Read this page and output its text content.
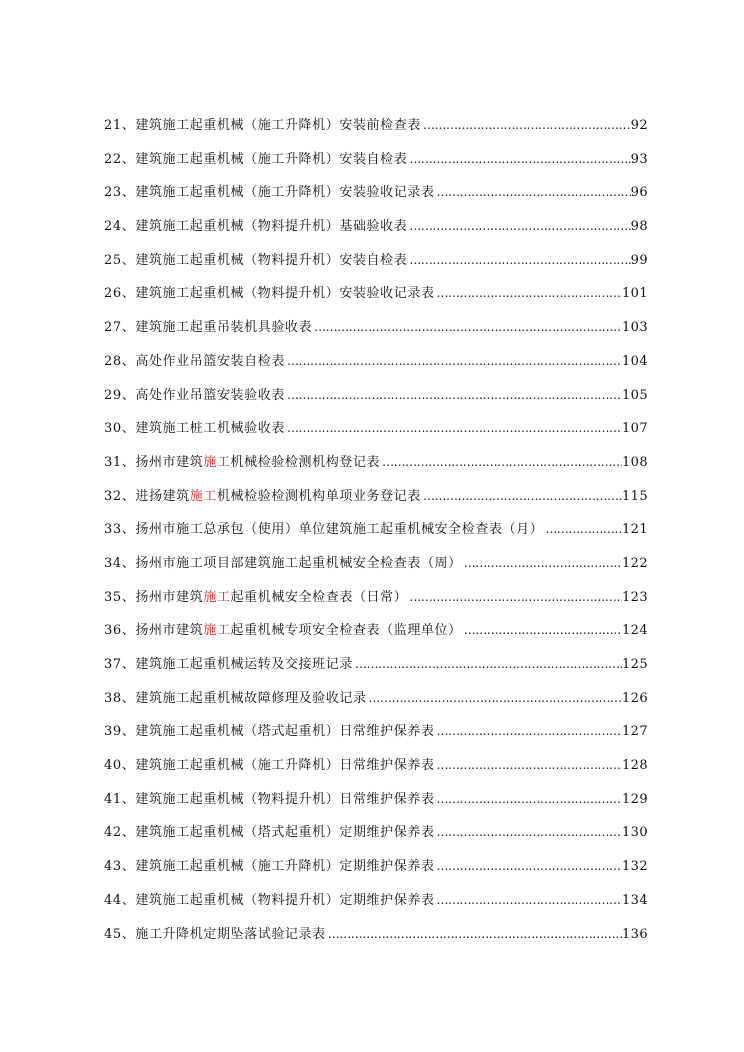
21、建筑施工起重机械（施工升降机）安装前检查表 …………………………………………………………………………………………………………………………………………………………………………	92
22、建筑施工起重机械（施工升降机）安装自检表 …………………………………………………………………………………………………………………………………………………………………………	93
23、建筑施工起重机械（施工升降机）安装验收记录表 …………………………………………………………………………………………………………………………………………………………………………	96
24、建筑施工起重机械（物料提升机）基础验收表 …………………………………………………………………………………………………………………………………………………………………………	98
25、建筑施工起重机械（物料提升机）安装自检表 …………………………………………………………………………………………………………………………………………………………………………	99
26、建筑施工起重机械（物料提升机）安装验收记录表 …………………………………………………………………………………………………………………………………………………………………………	101
27、建筑施工起重吊装机具验收表 …………………………………………………………………………………………………………………………………………………………………………	103
28、高处作业吊篮安装自检表 …………………………………………………………………………………………………………………………………………………………………………	104
29、高处作业吊篮安装验收表 …………………………………………………………………………………………………………………………………………………………………………	105
30、建筑施工桩工机械验收表 …………………………………………………………………………………………………………………………………………………………………………	107
31、扬州市建筑施工机械检验检测机构登记表 …………………………………………………………………………………………………………………………………………………………………………	108
32、进扬建筑施工机械检验检测机构单项业务登记表 …………………………………………………………………………………………………………………………………………………………………………	115
33、扬州市施工总承包（使用）单位建筑施工起重机械安全检查表（月） …………………………………………………………………………………………………………………………………………………………………………	121
34、扬州市施工项目部建筑施工起重机械安全检查表（周） …………………………………………………………………………………………………………………………………………………………………………	122
35、扬州市建筑施工起重机械安全检查表（日常） …………………………………………………………………………………………………………………………………………………………………………	123
36、扬州市建筑施工起重机械专项安全检查表（监理单位） …………………………………………………………………………………………………………………………………………………………………………	124
37、建筑施工起重机械运转及交接班记录 …………………………………………………………………………………………………………………………………………………………………………	125
38、建筑施工起重机械故障修理及验收记录 …………………………………………………………………………………………………………………………………………………………………………	126
39、建筑施工起重机械（塔式起重机）日常维护保养表 …………………………………………………………………………………………………………………………………………………………………………	127
40、建筑施工起重机械（施工升降机）日常维护保养表 …………………………………………………………………………………………………………………………………………………………………………	128
41、建筑施工起重机械（物料提升机）日常维护保养表 …………………………………………………………………………………………………………………………………………………………………………	129
42、建筑施工起重机械（塔式起重机）定期维护保养表 …………………………………………………………………………………………………………………………………………………………………………	130
43、建筑施工起重机械（施工升降机）定期维护保养表 …………………………………………………………………………………………………………………………………………………………………………	132
44、建筑施工起重机械（物料提升机）定期维护保养表 …………………………………………………………………………………………………………………………………………………………………………	134
45、施工升降机定期坠落试验记录表 …………………………………………………………………………………………………………………………………………………………………………	136
